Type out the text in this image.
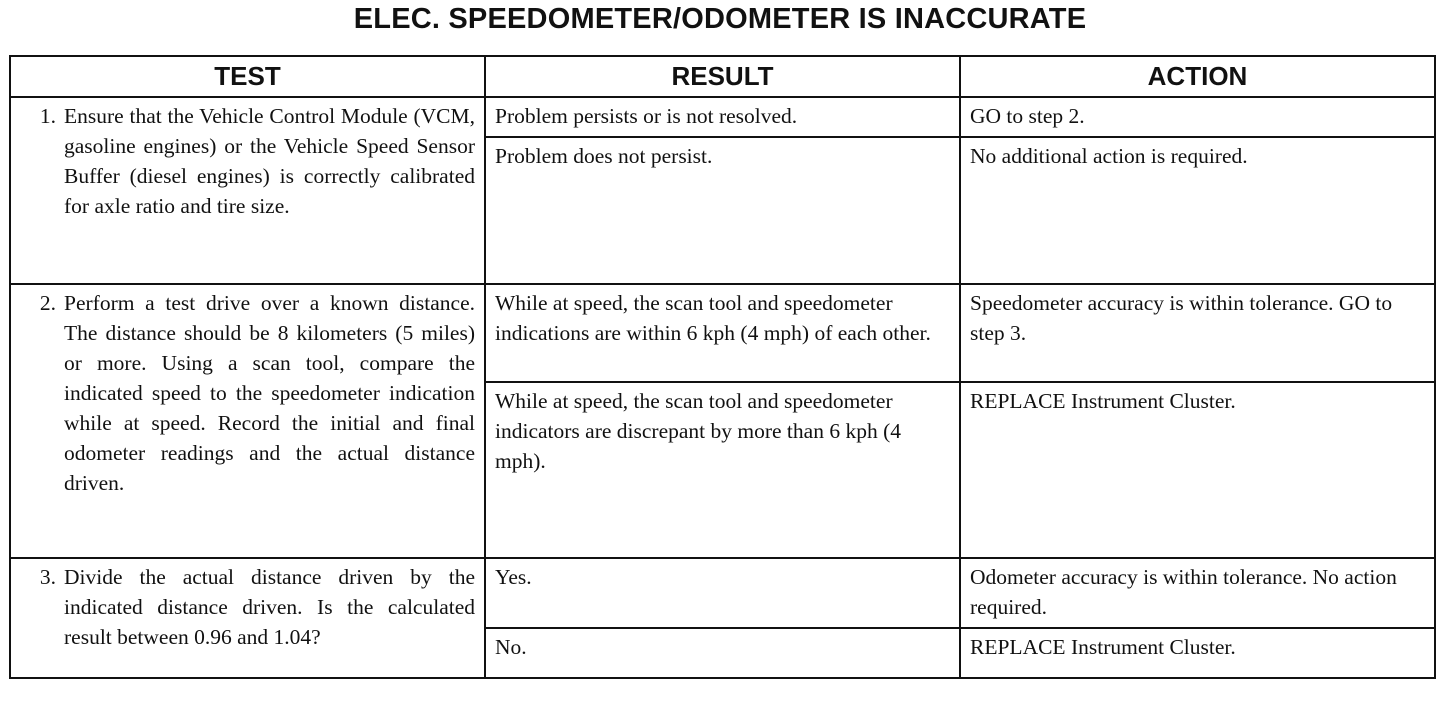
ELEC. SPEEDOMETER/ODOMETER IS INACCURATE
TEST	RESULT	ACTION

1. Ensure that the Vehicle Control Module (VCM, gasoline engines) or the Vehicle Speed Sensor Buffer (diesel engines) is correctly calibrated for axle ratio and tire size.	Problem persists or is not resolved.	GO to step 2.
	Problem does not persist.	No additional action is required.

2. Perform a test drive over a known distance. The distance should be 8 kilometers (5 miles) or more. Using a scan tool, compare the indicated speed to the speedometer indication while at speed. Record the initial and final odometer readings and the actual distance driven.	While at speed, the scan tool and speedometer indications are within 6 kph (4 mph) of each other.	Speedometer accuracy is within tolerance. GO to step 3.
	While at speed, the scan tool and speedometer indicators are discrepant by more than 6 kph (4 mph).	REPLACE Instrument Cluster.

3. Divide the actual distance driven by the indicated distance driven. Is the calculated result between 0.96 and 1.04?	Yes.	Odometer accuracy is within tolerance. No action required.
	No.	REPLACE Instrument Cluster.
